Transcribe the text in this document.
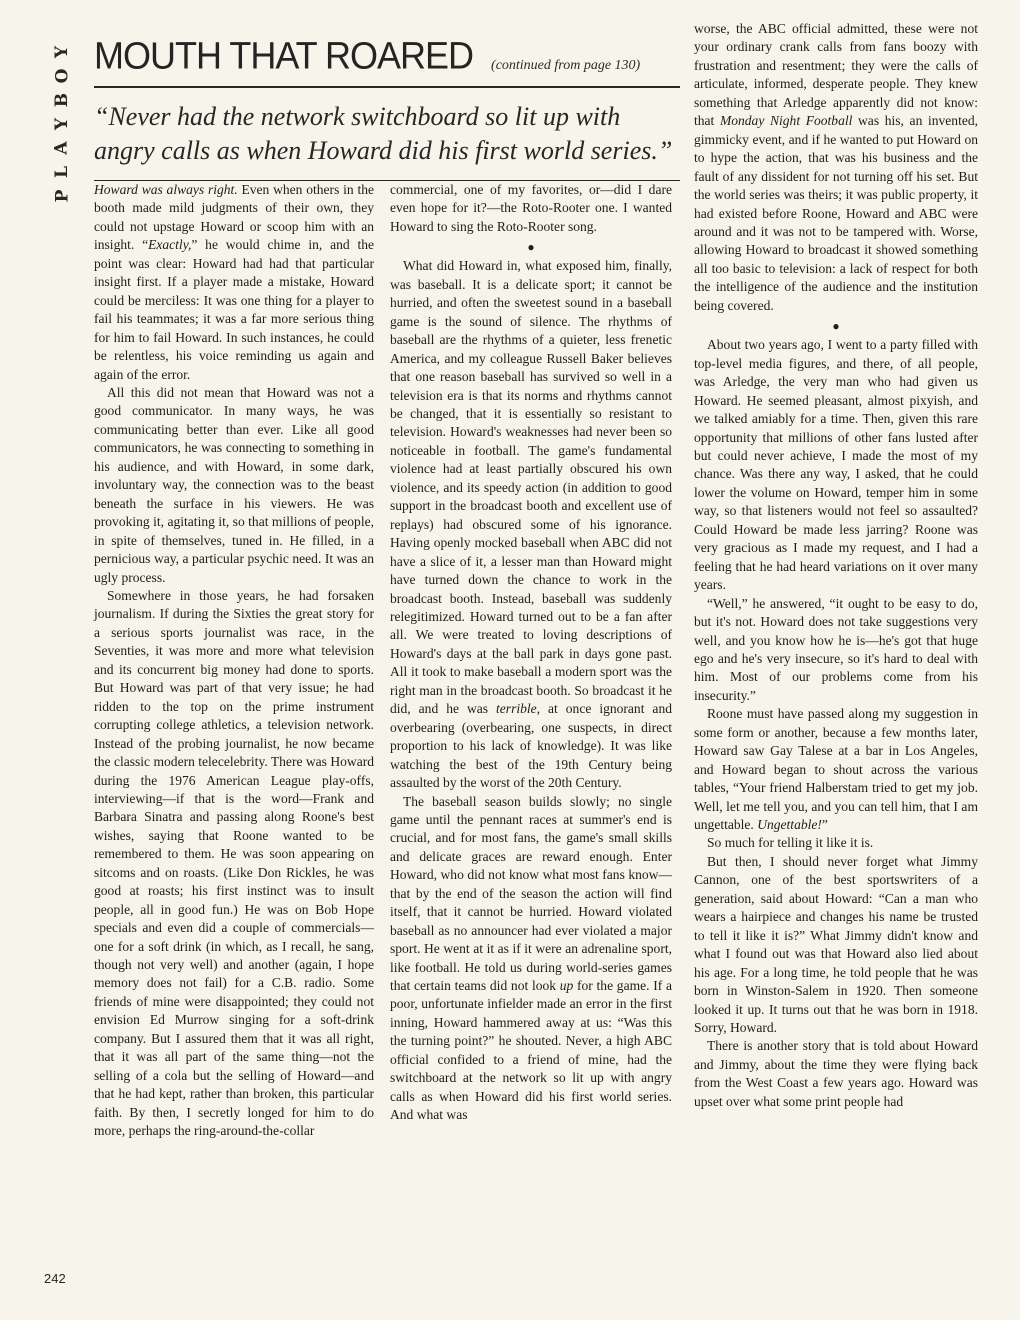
Y
O
B
Y
A
L
P
MOUTH THAT ROARED (continued from page 130)
“Never had the network switchboard so lit up with angry calls as when Howard did his first world series.”

Howard was always right. Even when others in the booth made mild judgments of their own, they could not upstage Howard or scoop him with an insight. “Exactly,” he would chime in, and the point was clear: Howard had had that particular insight first. If a player made a mistake, Howard could be merciless: It was one thing for a player to fail his teammates; it was a far more serious thing for him to fail Howard. In such instances, he could be relentless, his voice reminding us again and again of the error.

All this did not mean that Howard was not a good communicator. In many ways, he was communicating better than ever. Like all good communicators, he was connecting to something in his audience, and with Howard, in some dark, involuntary way, the connection was to the beast beneath the surface in his viewers. He was provoking it, agitating it, so that millions of people, in spite of themselves, tuned in. He filled, in a pernicious way, a particular psychic need. It was an ugly process.

Somewhere in those years, he had forsaken journalism. If during the Sixties the great story for a serious sports journalist was race, in the Seventies, it was more and more what television and its concurrent big money had done to sports. But Howard was part of that very issue; he had ridden to the top on the prime instrument corrupting college athletics, a television network. Instead of the probing journalist, he now became the classic modern telecelebrity. There was Howard during the 1976 American League play-offs, interviewing—if that is the word—Frank and Barbara Sinatra and passing along Roone's best wishes, saying that Roone wanted to be remembered to them. He was soon appearing on sitcoms and on roasts. (Like Don Rickles, he was good at roasts; his first instinct was to insult people, all in good fun.) He was on Bob Hope specials and even did a couple of commercials—one for a soft drink (in which, as I recall, he sang, though not very well) and another (again, I hope memory does not fail) for a C.B. radio. Some friends of mine were disappointed; they could not envision Ed Murrow singing for a soft-drink company. But I assured them that it was all right, that it was all part of the same thing—not the selling of a cola but the selling of Howard—and that he had kept, rather than broken, this particular faith. By then, I secretly longed for him to do more, perhaps the ring-around-the-collar

commercial, one of my favorites, or—did I dare even hope for it?—the Roto-Rooter one. I wanted Howard to sing the Roto-Rooter song.

●

What did Howard in, what exposed him, finally, was baseball. It is a delicate sport; it cannot be hurried, and often the sweetest sound in a baseball game is the sound of silence. The rhythms of baseball are the rhythms of a quieter, less frenetic America, and my colleague Russell Baker believes that one reason baseball has survived so well in a television era is that its norms and rhythms cannot be changed, that it is essentially so resistant to television. Howard's weaknesses had never been so noticeable in football. The game's fundamental violence had at least partially obscured his own violence, and its speedy action (in addition to good support in the broadcast booth and excellent use of replays) had obscured some of his ignorance. Having openly mocked baseball when ABC did not have a slice of it, a lesser man than Howard might have turned down the chance to work in the broadcast booth. Instead, baseball was suddenly relegitimized. Howard turned out to be a fan after all. We were treated to loving descriptions of Howard's days at the ball park in days gone past. All it took to make baseball a modern sport was the right man in the broadcast booth. So broadcast it he did, and he was terrible, at once ignorant and overbearing (overbearing, one suspects, in direct proportion to his lack of knowledge). It was like watching the best of the 19th Century being assaulted by the worst of the 20th Century.

The baseball season builds slowly; no single game until the pennant races at summer's end is crucial, and for most fans, the game's small skills and delicate graces are reward enough. Enter Howard, who did not know what most fans know—that by the end of the season the action will find itself, that it cannot be hurried. Howard violated baseball as no announcer had ever violated a major sport. He went at it as if it were an adrenaline sport, like football. He told us during world-series games that certain teams did not look up for the game. If a poor, unfortunate infielder made an error in the first inning, Howard hammered away at us: “Was this the turning point?” he shouted. Never, a high ABC official confided to a friend of mine, had the switchboard at the network so lit up with angry calls as when Howard did his first world series. And what was

worse, the ABC official admitted, these were not your ordinary crank calls from fans boozy with frustration and resentment; they were the calls of articulate, informed, desperate people. They knew something that Arledge apparently did not know: that Monday Night Football was his, an invented, gimmicky event, and if he wanted to put Howard on to hype the action, that was his business and the fault of any dissident for not turning off his set. But the world series was theirs; it was public property, it had existed before Roone, Howard and ABC were around and it was not to be tampered with. Worse, allowing Howard to broadcast it showed something all too basic to television: a lack of respect for both the intelligence of the audience and the institution being covered.

●

About two years ago, I went to a party filled with top-level media figures, and there, of all people, was Arledge, the very man who had given us Howard. He seemed pleasant, almost pixyish, and we talked amiably for a time. Then, given this rare opportunity that millions of other fans lusted after but could never achieve, I made the most of my chance. Was there any way, I asked, that he could lower the volume on Howard, temper him in some way, so that listeners would not feel so assaulted? Could Howard be made less jarring? Roone was very gracious as I made my request, and I had a feeling that he had heard variations on it over many years.

“Well,” he answered, “it ought to be easy to do, but it's not. Howard does not take suggestions very well, and you know how he is—he's got that huge ego and he's very insecure, so it's hard to deal with him. Most of our problems come from his insecurity.”

Roone must have passed along my suggestion in some form or another, because a few months later, Howard saw Gay Talese at a bar in Los Angeles, and Howard began to shout across the various tables, “Your friend Halberstam tried to get my job. Well, let me tell you, and you can tell him, that I am ungettable. Ungettable!”

So much for telling it like it is.

But then, I should never forget what Jimmy Cannon, one of the best sportswriters of a generation, said about Howard: “Can a man who wears a hairpiece and changes his name be trusted to tell it like it is?” What Jimmy didn't know and what I found out was that Howard also lied about his age. For a long time, he told people that he was born in Winston-Salem in 1920. Then someone looked it up. It turns out that he was born in 1918. Sorry, Howard.

There is another story that is told about Howard and Jimmy, about the time they were flying back from the West Coast a few years ago. Howard was upset over what some print people had

242
